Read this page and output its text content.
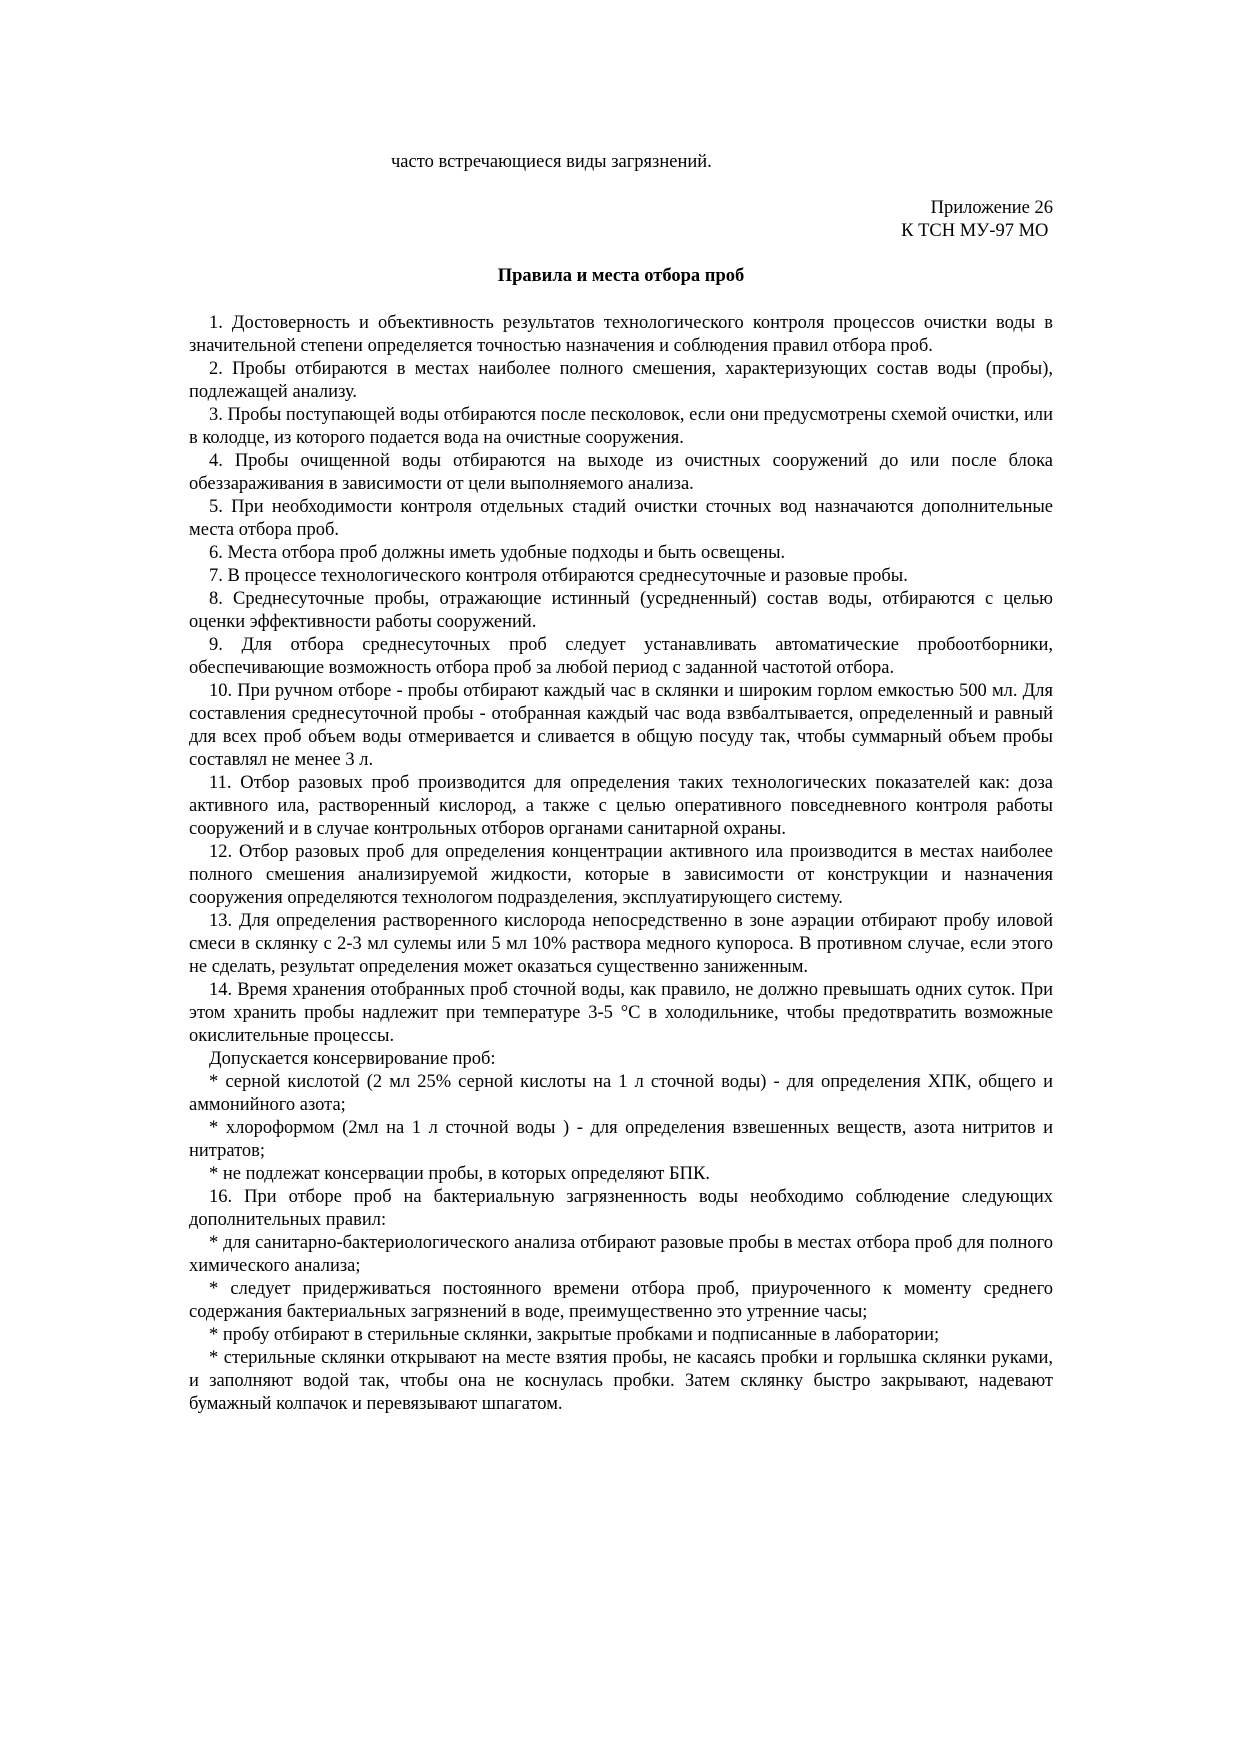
часто встречающиеся виды загрязнений.
Приложение 26
К ТСН МУ-97 МО
Правила и места отбора проб

1. Достоверность и объективность результатов технологического контроля процессов очистки воды в значительной степени определяется точностью назначения и соблюдения правил отбора проб.

2. Пробы отбираются в местах наиболее полного смешения, характеризующих состав воды (пробы), подлежащей анализу.

3. Пробы поступающей воды отбираются после песколовок, если они предусмотрены схемой очистки, или в колодце, из которого подается вода на очистные сооружения.

4. Пробы очищенной воды отбираются на выходе из очистных сооружений до или после блока обеззараживания в зависимости от цели выполняемого анализа.

5. При необходимости контроля отдельных стадий очистки сточных вод назначаются дополнительные места отбора проб.

6. Места отбора проб должны иметь удобные подходы и быть освещены.

7. В процессе технологического контроля отбираются среднесуточные и разовые пробы.

8. Среднесуточные пробы, отражающие истинный (усредненный) состав воды, отбираются с целью оценки эффективности работы сооружений.

9. Для отбора среднесуточных проб следует устанавливать автоматические пробоотборники, обеспечивающие возможность отбора проб за любой период с заданной частотой отбора.

10. При ручном отборе - пробы отбирают каждый час в склянки и широким горлом емкостью 500 мл. Для составления среднесуточной пробы - отобранная каждый час вода взвбалтывается, определенный и равный для всех проб объем воды отмеривается и сливается в общую посуду так, чтобы суммарный объем пробы составлял не менее 3 л.

11. Отбор разовых проб производится для определения таких технологических показателей как: доза активного ила, растворенный кислород, а также с целью оперативного повседневного контроля работы сооружений и в случае контрольных отборов органами санитарной охраны.

12. Отбор разовых проб для определения концентрации активного ила производится в местах наиболее полного смешения анализируемой жидкости, которые в зависимости от конструкции и назначения сооружения определяются технологом подразделения, эксплуатирующего систему.

13. Для определения растворенного кислорода непосредственно в зоне аэрации отбирают пробу иловой смеси в склянку с 2-3 мл сулемы или 5 мл 10% раствора медного купороса. В противном случае, если этого не сделать, результат определения может оказаться существенно заниженным.

14. Время хранения отобранных проб сточной воды, как правило, не должно превышать одних суток. При этом хранить пробы надлежит при температуре 3-5 °С в холодильнике, чтобы предотвратить возможные окислительные процессы.

Допускается консервирование проб:

* серной кислотой (2 мл 25% серной кислоты на 1 л сточной воды) - для определения ХПК, общего и аммонийного азота;

* хлороформом (2мл на 1 л сточной воды ) - для определения взвешенных веществ, азота нитритов и нитратов;

* не подлежат консервации пробы, в которых определяют БПК.

16. При отборе проб на бактериальную загрязненность воды необходимо соблюдение следующих дополнительных правил:

* для санитарно-бактериологического анализа отбирают разовые пробы в местах отбора проб для полного химического анализа;

* следует придерживаться постоянного времени отбора проб, приуроченного к моменту среднего содержания бактериальных загрязнений в воде, преимущественно это утренние часы;

* пробу отбирают в стерильные склянки, закрытые пробками и подписанные в лаборатории;

* стерильные склянки открывают на месте взятия пробы, не касаясь пробки и горлышка склянки руками, и заполняют водой так, чтобы она не коснулась пробки. Затем склянку быстро закрывают, надевают бумажный колпачок и перевязывают шпагатом.
